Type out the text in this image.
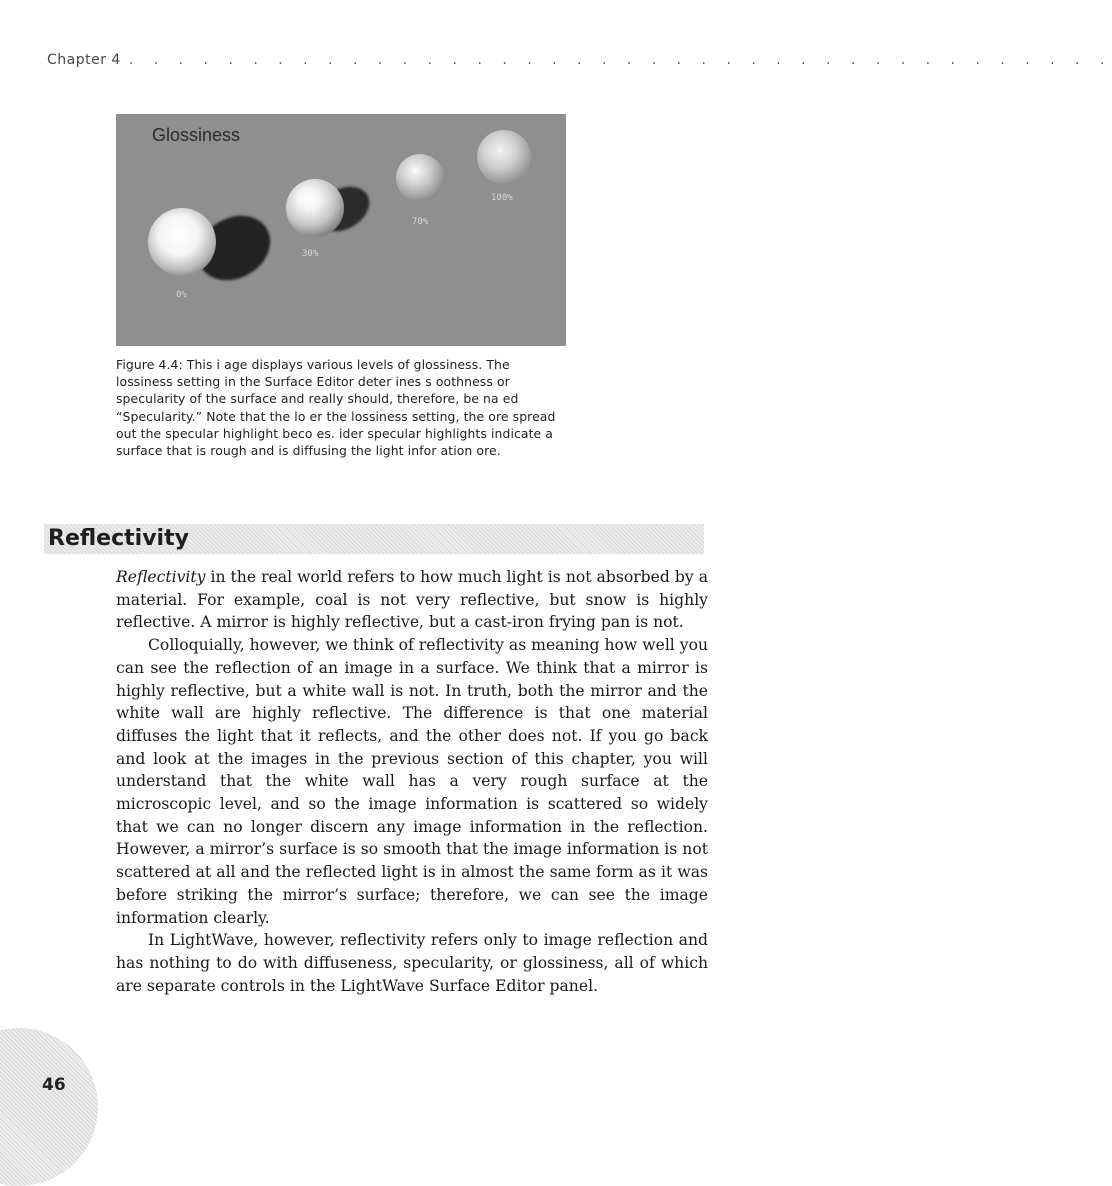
Chapter 4 . . . . . . . . . . . . . . . . . . . . . . . . . . . . . . . . . . . . . . . .
Glossiness
0%
30%
70%
100%
Figure 4.4: This i age displays various levels of glossiness. The lossiness setting in the Surface Editor deter ines s oothness or specularity of the surface and really should, therefore, be na ed “Specularity.” Note that the lo er the lossiness setting, the ore spread out the specular highlight beco es. ider specular highlights indicate a surface that is rough and is diffusing the light infor ation ore.
Reflectivity

Reflectivity in the real world refers to how much light is not absorbed by a material. For example, coal is not very reflective, but snow is highly reflective. A mirror is highly reflective, but a cast-iron frying pan is not.

Colloquially, however, we think of reflectivity as meaning how well you can see the reflection of an image in a surface. We think that a mirror is highly reflective, but a white wall is not. In truth, both the mirror and the white wall are highly reflective. The difference is that one material diffuses the light that it reflects, and the other does not. If you go back and look at the images in the previous section of this chapter, you will understand that the white wall has a very rough surface at the microscopic level, and so the image information is scattered so widely that we can no longer discern any image information in the reflection. However, a mirror’s surface is so smooth that the image information is not scattered at all and the reflected light is in almost the same form as it was before striking the mirror’s surface; therefore, we can see the image information clearly.

In LightWave, however, reflectivity refers only to image reflection and has nothing to do with diffuseness, specularity, or glossiness, all of which are separate controls in the LightWave Surface Editor panel.

46
